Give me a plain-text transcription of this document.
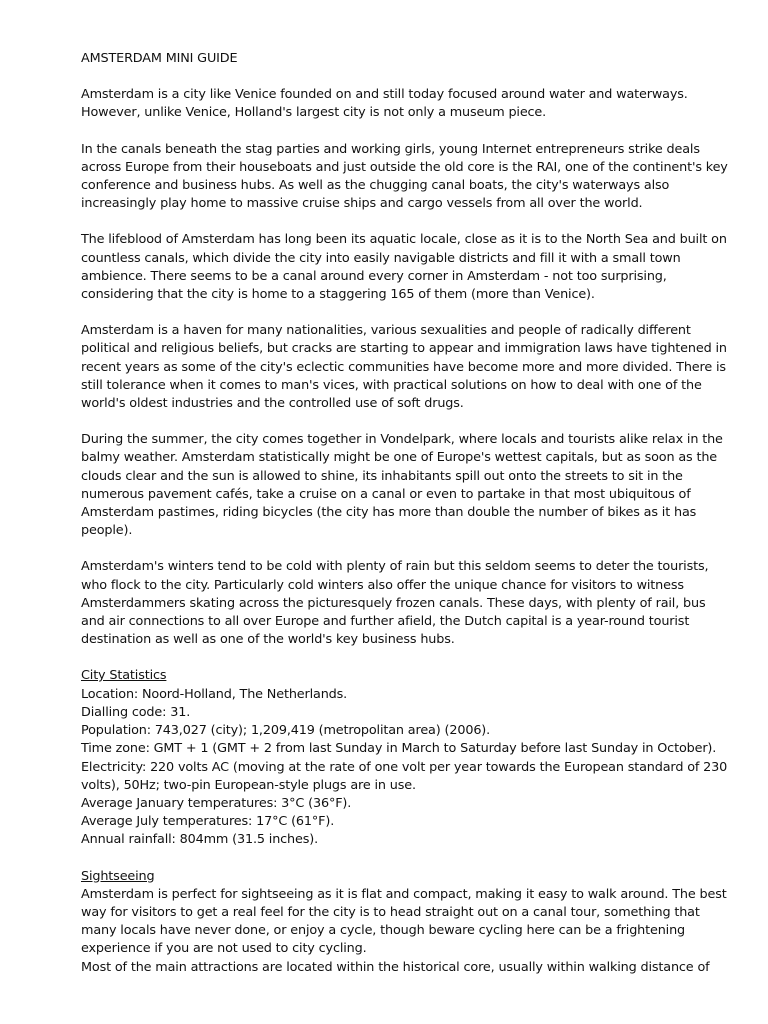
AMSTERDAM MINI GUIDE

Amsterdam is a city like Venice founded on and still today focused around water and waterways. However, unlike Venice, Holland's largest city is not only a museum piece.

In the canals beneath the stag parties and working girls, young Internet entrepreneurs strike deals across Europe from their houseboats and just outside the old core is the RAI, one of the continent's key conference and business hubs. As well as the chugging canal boats, the city's waterways also increasingly play home to massive cruise ships and cargo vessels from all over the world.

The lifeblood of Amsterdam has long been its aquatic locale, close as it is to the North Sea and built on countless canals, which divide the city into easily navigable districts and fill it with a small town ambience. There seems to be a canal around every corner in Amsterdam - not too surprising, considering that the city is home to a staggering 165 of them (more than Venice).

Amsterdam is a haven for many nationalities, various sexualities and people of radically different political and religious beliefs, but cracks are starting to appear and immigration laws have tightened in recent years as some of the city's eclectic communities have become more and more divided. There is still tolerance when it comes to man's vices, with practical solutions on how to deal with one of the world's oldest industries and the controlled use of soft drugs.

During the summer, the city comes together in Vondelpark, where locals and tourists alike relax in the balmy weather. Amsterdam statistically might be one of Europe's wettest capitals, but as soon as the clouds clear and the sun is allowed to shine, its inhabitants spill out onto the streets to sit in the numerous pavement cafés, take a cruise on a canal or even to partake in that most ubiquitous of Amsterdam pastimes, riding bicycles (the city has more than double the number of bikes as it has people).

Amsterdam's winters tend to be cold with plenty of rain but this seldom seems to deter the tourists, who flock to the city. Particularly cold winters also offer the unique chance for visitors to witness Amsterdammers skating across the picturesquely frozen canals. These days, with plenty of rail, bus and air connections to all over Europe and further afield, the Dutch capital is a year-round tourist destination as well as one of the world's key business hubs.

City Statistics
Location: Noord-Holland, The Netherlands.
Dialling code: 31.
Population: 743,027 (city); 1,209,419 (metropolitan area) (2006).
Time zone: GMT + 1 (GMT + 2 from last Sunday in March to Saturday before last Sunday in October).
Electricity: 220 volts AC (moving at the rate of one volt per year towards the European standard of 230 volts), 50Hz; two-pin European-style plugs are in use.
Average January temperatures: 3°C (36°F).
Average July temperatures: 17°C (61°F).
Annual rainfall: 804mm (31.5 inches).
Sightseeing

Amsterdam is perfect for sightseeing as it is flat and compact, making it easy to walk around. The best way for visitors to get a real feel for the city is to head straight out on a canal tour, something that many locals have never done, or enjoy a cycle, though beware cycling here can be a frightening experience if you are not used to city cycling.

Most of the main attractions are located within the historical core, usually within walking distance of
